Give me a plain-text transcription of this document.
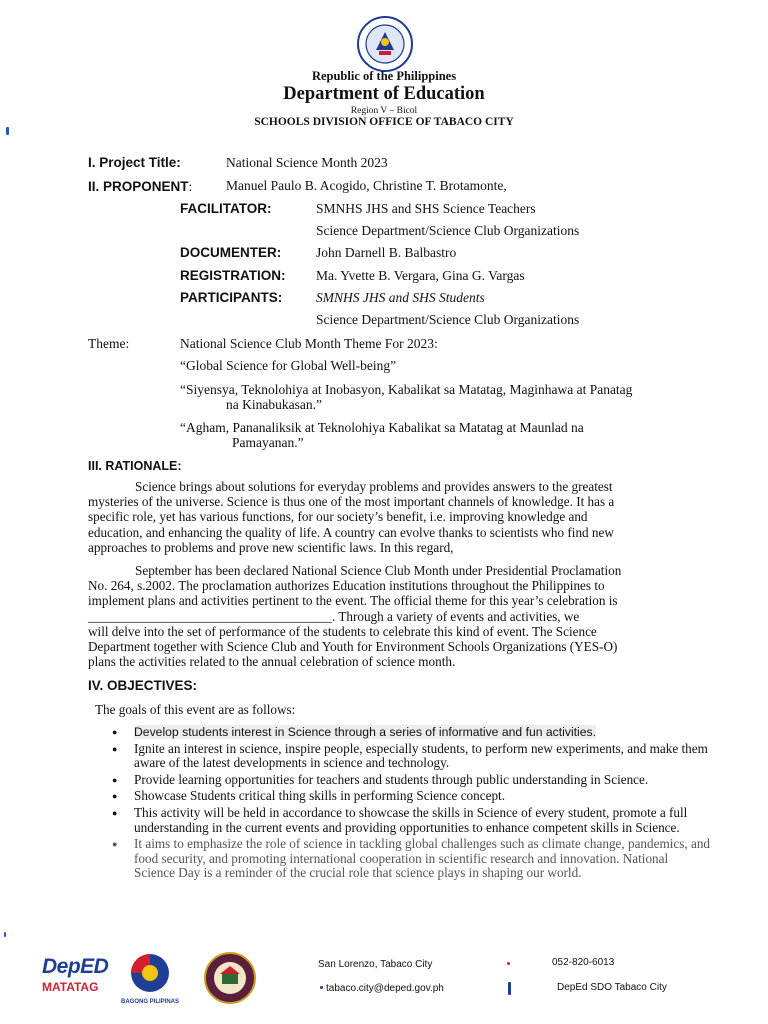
Republic of the Philippines
Department of Education
Region V – Bicol
SCHOOLS DIVISION OFFICE OF TABACO CITY
I. Project Title:	National Science Month 2023
II. PROPONENT: Manuel Paulo B. Acogido, Christine T. Brotamonte,
FACILITATOR:	SMNHS JHS and SHS Science Teachers
Science Department/Science Club Organizations
DOCUMENTER:	John Darnell B. Balbastro
REGISTRATION: Ma. Yvette B. Vergara, Gina G. Vargas
PARTICIPANTS:	SMNHS JHS and SHS Students
Science Department/Science Club Organizations
Theme:	National Science Club Month Theme For 2023:
“Global Science for Global Well-being”
“Siyensya, Teknolohiya at Inobasyon, Kabalikat sa Matatag, Maginhawa at Panatag
na Kinabukasan.”
“Agham, Pananaliksik at Teknolohiya Kabalikat sa Matatag at Maunlad na
Pamayanan.”
III. RATIONALE:
Science brings about solutions for everyday problems and provides answers to the greatest
mysteries of the universe. Science is thus one of the most important channels of knowledge. It has a
specific role, yet has various functions, for our society’s benefit, i.e. improving knowledge and
education, and enhancing the quality of life. A country can evolve thanks to scientists who find new
approaches to problems and prove new scientific laws. In this regard,
September has been declared National Science Club Month under Presidential Proclamation
No. 264, s.2002. The proclamation authorizes Education institutions throughout the Philippines to
implement plans and activities pertinent to the event. The official theme for this year’s celebration is
_____________________________________. Through a variety of events and activities, we
will delve into the set of performance of the students to celebrate this kind of event. The Science
Department together with Science Club and Youth for Environment Schools Organizations (YES-O)
plans the activities related to the annual celebration of science month.
IV. OBJECTIVES:
The goals of this event are as follows:
● Develop students interest in Science through a series of informative and fun activities.
● Ignite an interest in science, inspire people, especially students, to perform new experiments, and make them aware of the latest developments in science and technology.
● Provide learning opportunities for teachers and students through public understanding in Science.
● Showcase Students critical thing skills in performing Science concept.
● This activity will be held in accordance to showcase the skills in Science of every student, promote a full understanding in the current events and providing opportunities to enhance competent skills in Science.
● It aims to emphasize the role of science in tackling global challenges such as climate change, pandemics, and food security, and promoting international cooperation in scientific research and innovation. National Science Day is a reminder of the crucial role that science plays in shaping our world.
DepED
MATATAG
BAGONG PILIPINAS
San Lorenzo, Tabaco City	052-820-6013
tabaco.city@deped.gov.ph	DepEd SDO Tabaco City
